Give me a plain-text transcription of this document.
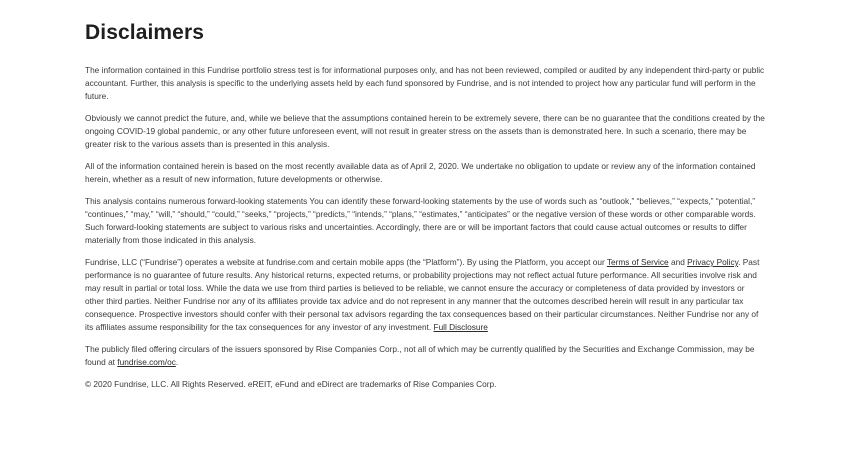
Disclaimers

The information contained in this Fundrise portfolio stress test is for informational purposes only, and has not been reviewed, compiled or audited by any independent third-party or public accountant. Further, this analysis is specific to the underlying assets held by each fund sponsored by Fundrise, and is not intended to project how any particular fund will perform in the future.

Obviously we cannot predict the future, and, while we believe that the assumptions contained herein to be extremely severe, there can be no guarantee that the conditions created by the ongoing COVID-19 global pandemic, or any other future unforeseen event, will not result in greater stress on the assets than is demonstrated here. In such a scenario, there may be greater risk to the various assets than is presented in this analysis.

All of the information contained herein is based on the most recently available data as of April 2, 2020. We undertake no obligation to update or review any of the information contained herein, whether as a result of new information, future developments or otherwise.

This analysis contains numerous forward-looking statements You can identify these forward-looking statements by the use of words such as “outlook,” “believes,” “expects,” “potential,” “continues,” “may,” “will,” “should,” “could,” “seeks,” “projects,” “predicts,” “intends,” “plans,” “estimates,” “anticipates” or the negative version of these words or other comparable words. Such forward-looking statements are subject to various risks and uncertainties. Accordingly, there are or will be important factors that could cause actual outcomes or results to differ materially from those indicated in this analysis.

Fundrise, LLC (“Fundrise”) operates a website at fundrise.com and certain mobile apps (the “Platform”). By using the Platform, you accept our Terms of Service and Privacy Policy. Past performance is no guarantee of future results. Any historical returns, expected returns, or probability projections may not reflect actual future performance. All securities involve risk and may result in partial or total loss. While the data we use from third parties is believed to be reliable, we cannot ensure the accuracy or completeness of data provided by investors or other third parties. Neither Fundrise nor any of its affiliates provide tax advice and do not represent in any manner that the outcomes described herein will result in any particular tax consequence. Prospective investors should confer with their personal tax advisors regarding the tax consequences based on their particular circumstances. Neither Fundrise nor any of its affiliates assume responsibility for the tax consequences for any investor of any investment. Full Disclosure

The publicly filed offering circulars of the issuers sponsored by Rise Companies Corp., not all of which may be currently qualified by the Securities and Exchange Commission, may be found at fundrise.com/oc.

© 2020 Fundrise, LLC. All Rights Reserved. eREIT, eFund and eDirect are trademarks of Rise Companies Corp.
